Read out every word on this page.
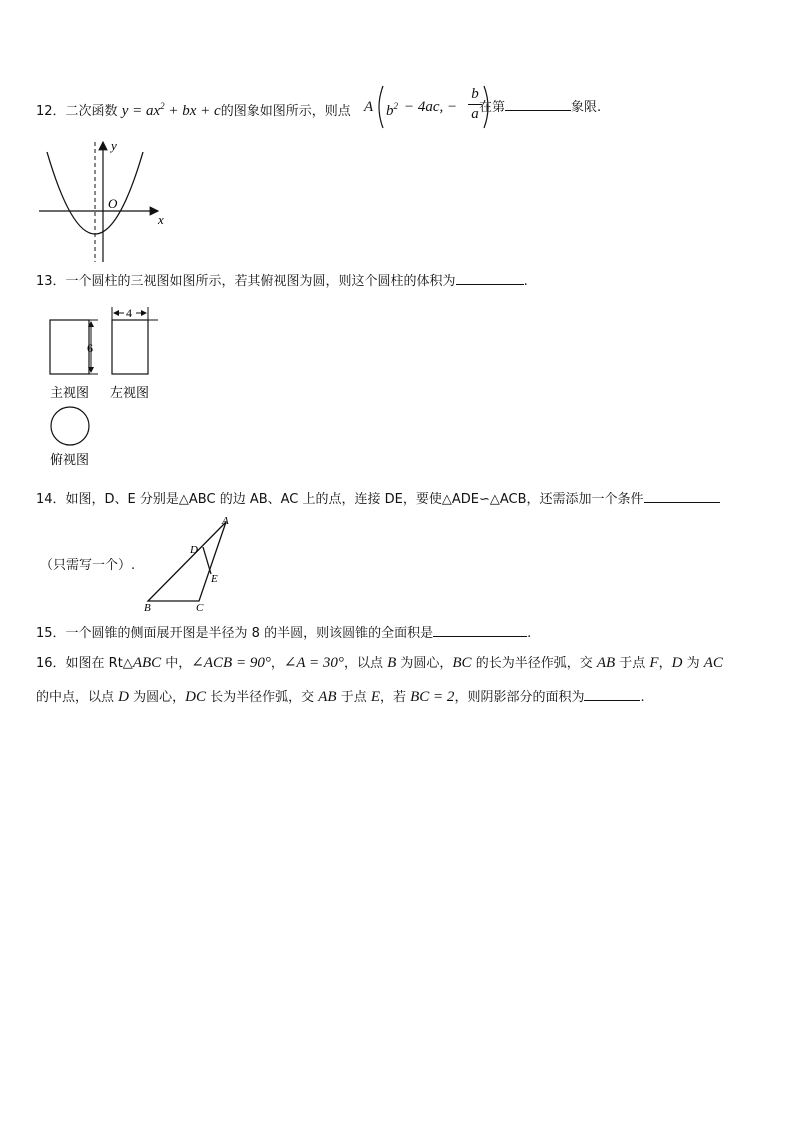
12．二次函数 $y = ax^2$ + bx + c的图象如图所示，则点 A $b^2 - 4ac$, −
b
a 在第	象限.
y
x
O
13．一个圆柱的三视图如图所示，若其俯视图为圆，则这个圆柱的体积为	.
6
4
主视图 左视图
俯视图
14．如图，D、E 分别是△ABC 的边 AB、AC 上的点，连接 DE，要使△ADE∽△ACB，还需添加一个条件
（只需写一个）.
A
D
E
B	C
15．一个圆锥的侧面展开图是半径为 8 的半圆，则该圆锥的全面积是	.
16．如图在 Rt△ABC 中，∠ACB = 90°，∠A = 30°，以点 B 为圆心，BC 的长为半径作弧，交 AB 于点 F，D 为 AC
的中点，以点 D 为圆心，DC 长为半径作弧，交 AB 于点 E，若 BC = 2，则阴影部分的面积为	.
